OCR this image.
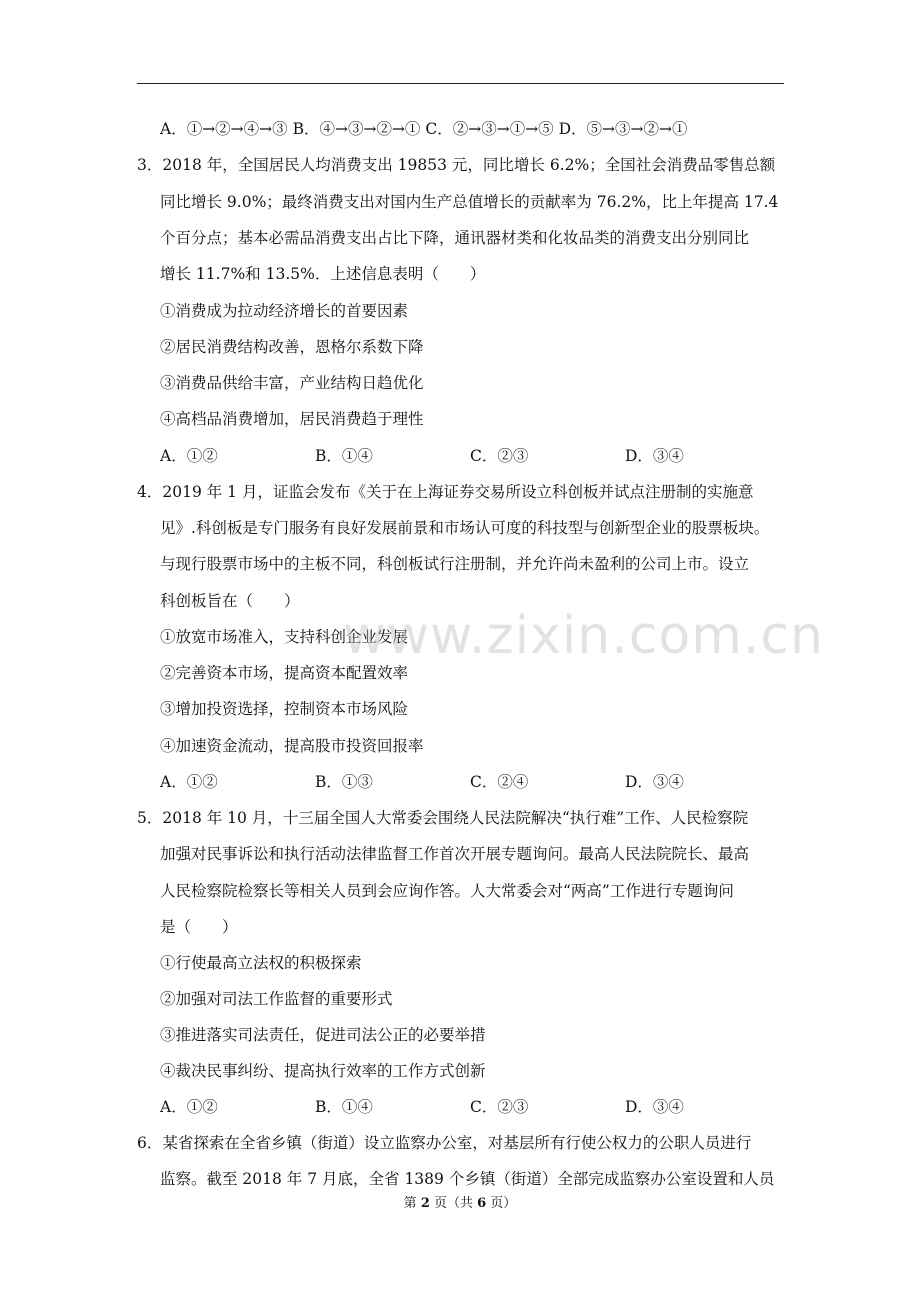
A．①→②→④→③ B．④→③→②→① C．②→③→①→⑤ D．⑤→③→②→①
3．2018 年，全国居民人均消费支出 19853 元，同比增长 6.2%；全国社会消费品零售总额
同比增长 9.0%；最终消费支出对国内生产总值增长的贡献率为 76.2%，比上年提高 17.4
个百分点；基本必需品消费支出占比下降，通讯器材类和化妆品类的消费支出分别同比
增长 11.7%和 13.5%．上述信息表明（　　）
①消费成为拉动经济增长的首要因素
②居民消费结构改善，恩格尔系数下降
③消费品供给丰富，产业结构日趋优化
④高档品消费增加，居民消费趋于理性
A．①②	B．①④	C．②③	D．③④
4．2019 年 1 月，证监会发布《关于在上海证券交易所设立科创板并试点注册制的实施意
见》.科创板是专门服务有良好发展前景和市场认可度的科技型与创新型企业的股票板块。
与现行股票市场中的主板不同，科创板试行注册制，并允许尚未盈利的公司上市。设立
科创板旨在（　　）
①放宽市场准入，支持科创企业发展
②完善资本市场，提高资本配置效率
③增加投资选择，控制资本市场风险
④加速资金流动，提高股市投资回报率
A．①②	B．①③	C．②④	D．③④
5．2018 年 10 月，十三届全国人大常委会围绕人民法院解决“执行难”工作、人民检察院
加强对民事诉讼和执行活动法律监督工作首次开展专题询问。最高人民法院院长、最高
人民检察院检察长等相关人员到会应询作答。人大常委会对“两高”工作进行专题询问
是（　　）
①行使最高立法权的积极探索
②加强对司法工作监督的重要形式
③推进落实司法责任，促进司法公正的必要举措
④裁决民事纠纷、提高执行效率的工作方式创新
A．①②	B．①④	C．②③	D．③④
6．某省探索在全省乡镇（街道）设立监察办公室，对基层所有行使公权力的公职人员进行
监察。截至 2018 年 7 月底，全省 1389 个乡镇（街道）全部完成监察办公室设置和人员
www.zixin.com.cn
第 2 页（共 6 页）
